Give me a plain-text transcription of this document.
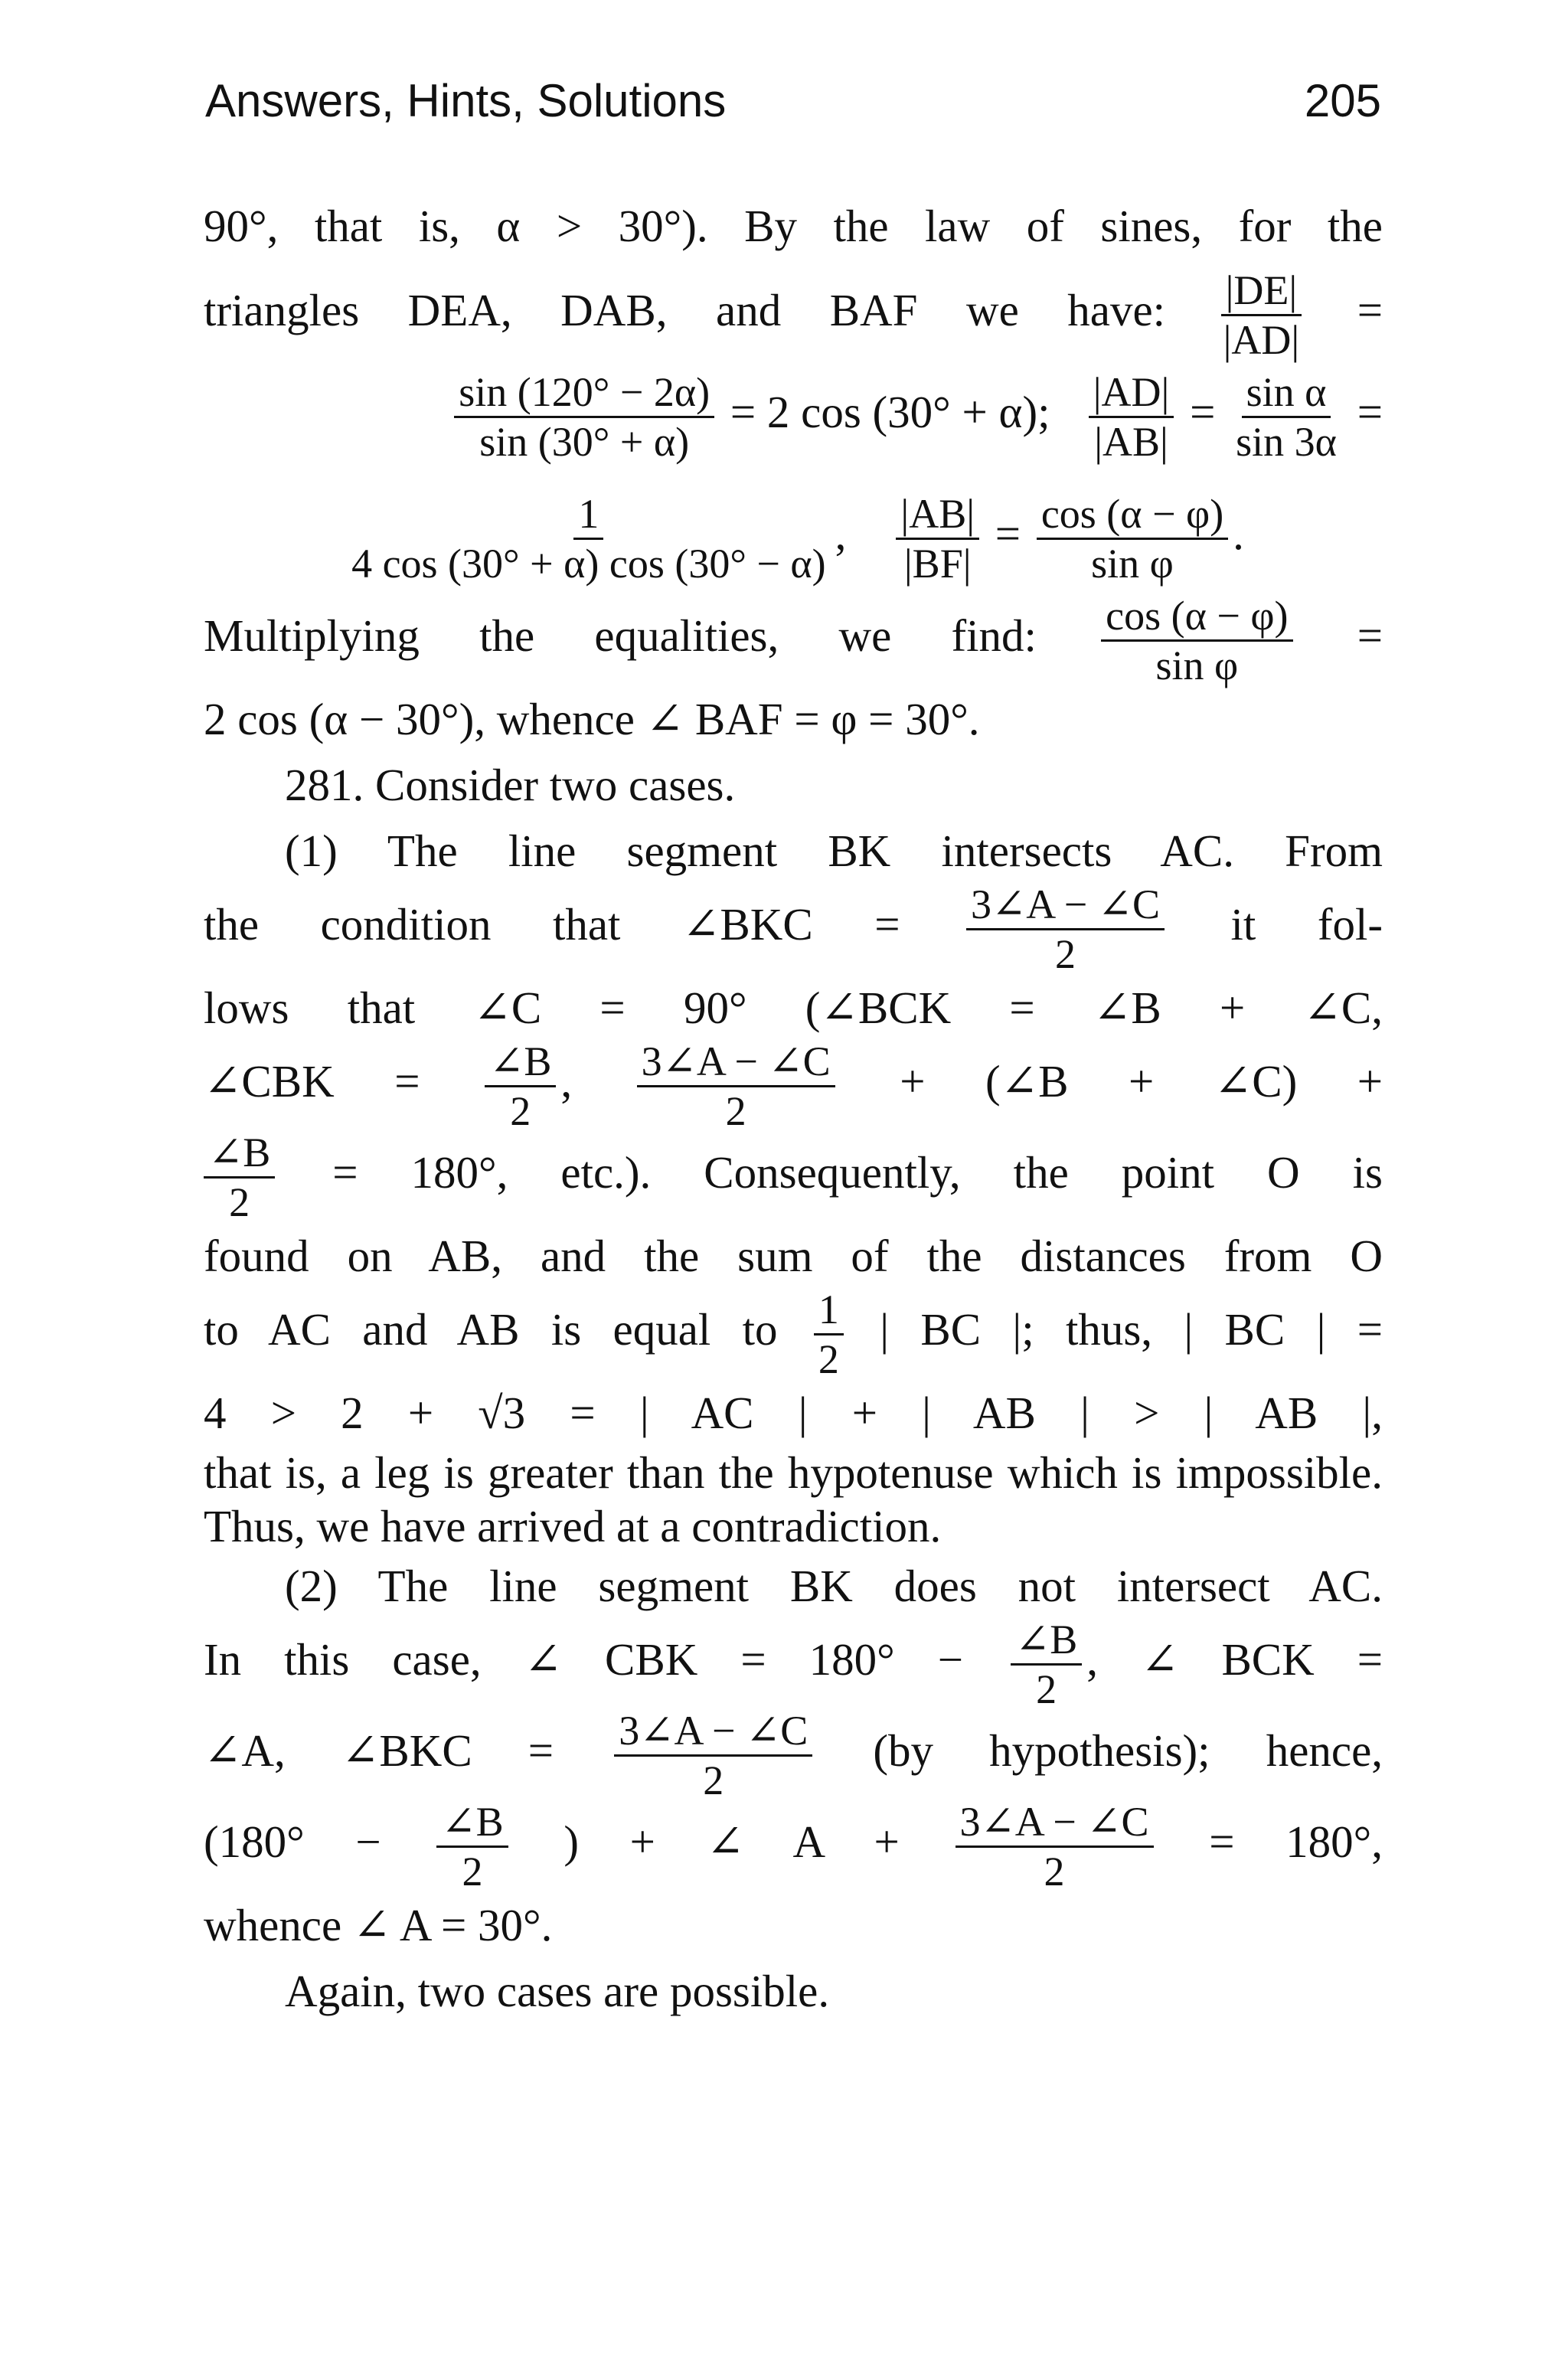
Answers, Hints, Solutions	205

90°, that is, α > 30°). By the law of sines, for the

triangles DEA, DAB, and BAF we have: $\frac{|DE|}{|AD|}$ =

$\frac{\sin (120^\circ - 2\alpha)}{\sin (30^\circ + \alpha)} = 2$ cos (30° + α); $\frac{|AD|}{|AB|} = \frac{\text{sin α}}{\sin 3\alpha}$ =

$\frac{1}{4 \cos (30^\circ + \alpha) \cos (30^\circ - \alpha)}$ , $\frac{|AB|}{|BF|} = \frac{\cos (\alpha - \varphi)}{\text{sin φ}}$ .

Multiplying the equalities, we find: $\frac{\cos (\alpha - \varphi)}{\text{sin φ}}$ =

2 cos (α − 30°), whence ∠ BAF = φ = 30°.

281. Consider two cases.

(1) The line segment BK intersects AC. From

the condition that ∠BKC = $\frac{3\angle A - \angle C}{2}$ it fol-

lows that ∠C = 90° (∠BCK = ∠B + ∠C,

∠CBK = $\frac{\angle B}{2}$ , $\frac{3\angle A - \angle C}{2}$ + (∠B + ∠C) +

$\frac{\angle B}{2} = 180^\circ$, etc.). Consequently, the point O is

found on AB, and the sum of the distances from O

to AC and AB is equal to $\frac{1}{2}$ | BC |; thus, | BC | =

4 > 2 + √3 = | AC | + | AB | > | AB |,

that is, a leg is greater than the hypotenuse which is impossible. Thus, we have arrived at a contradiction.

(2) The line segment BK does not intersect AC.

In this case, ∠ CBK = $180^\circ - \frac{\angle B}{2}$ , ∠ BCK =

∠A, ∠BKC = $\frac{3\angle A - \angle C}{2} (by$ hypothesis); hence,

($180^\circ - \frac{\angle B}{2}$ ) + ∠ $A + \frac{3\angle A - \angle C}{2} = 180^\circ$,

whence ∠ A = 30°.

Again, two cases are possible.
